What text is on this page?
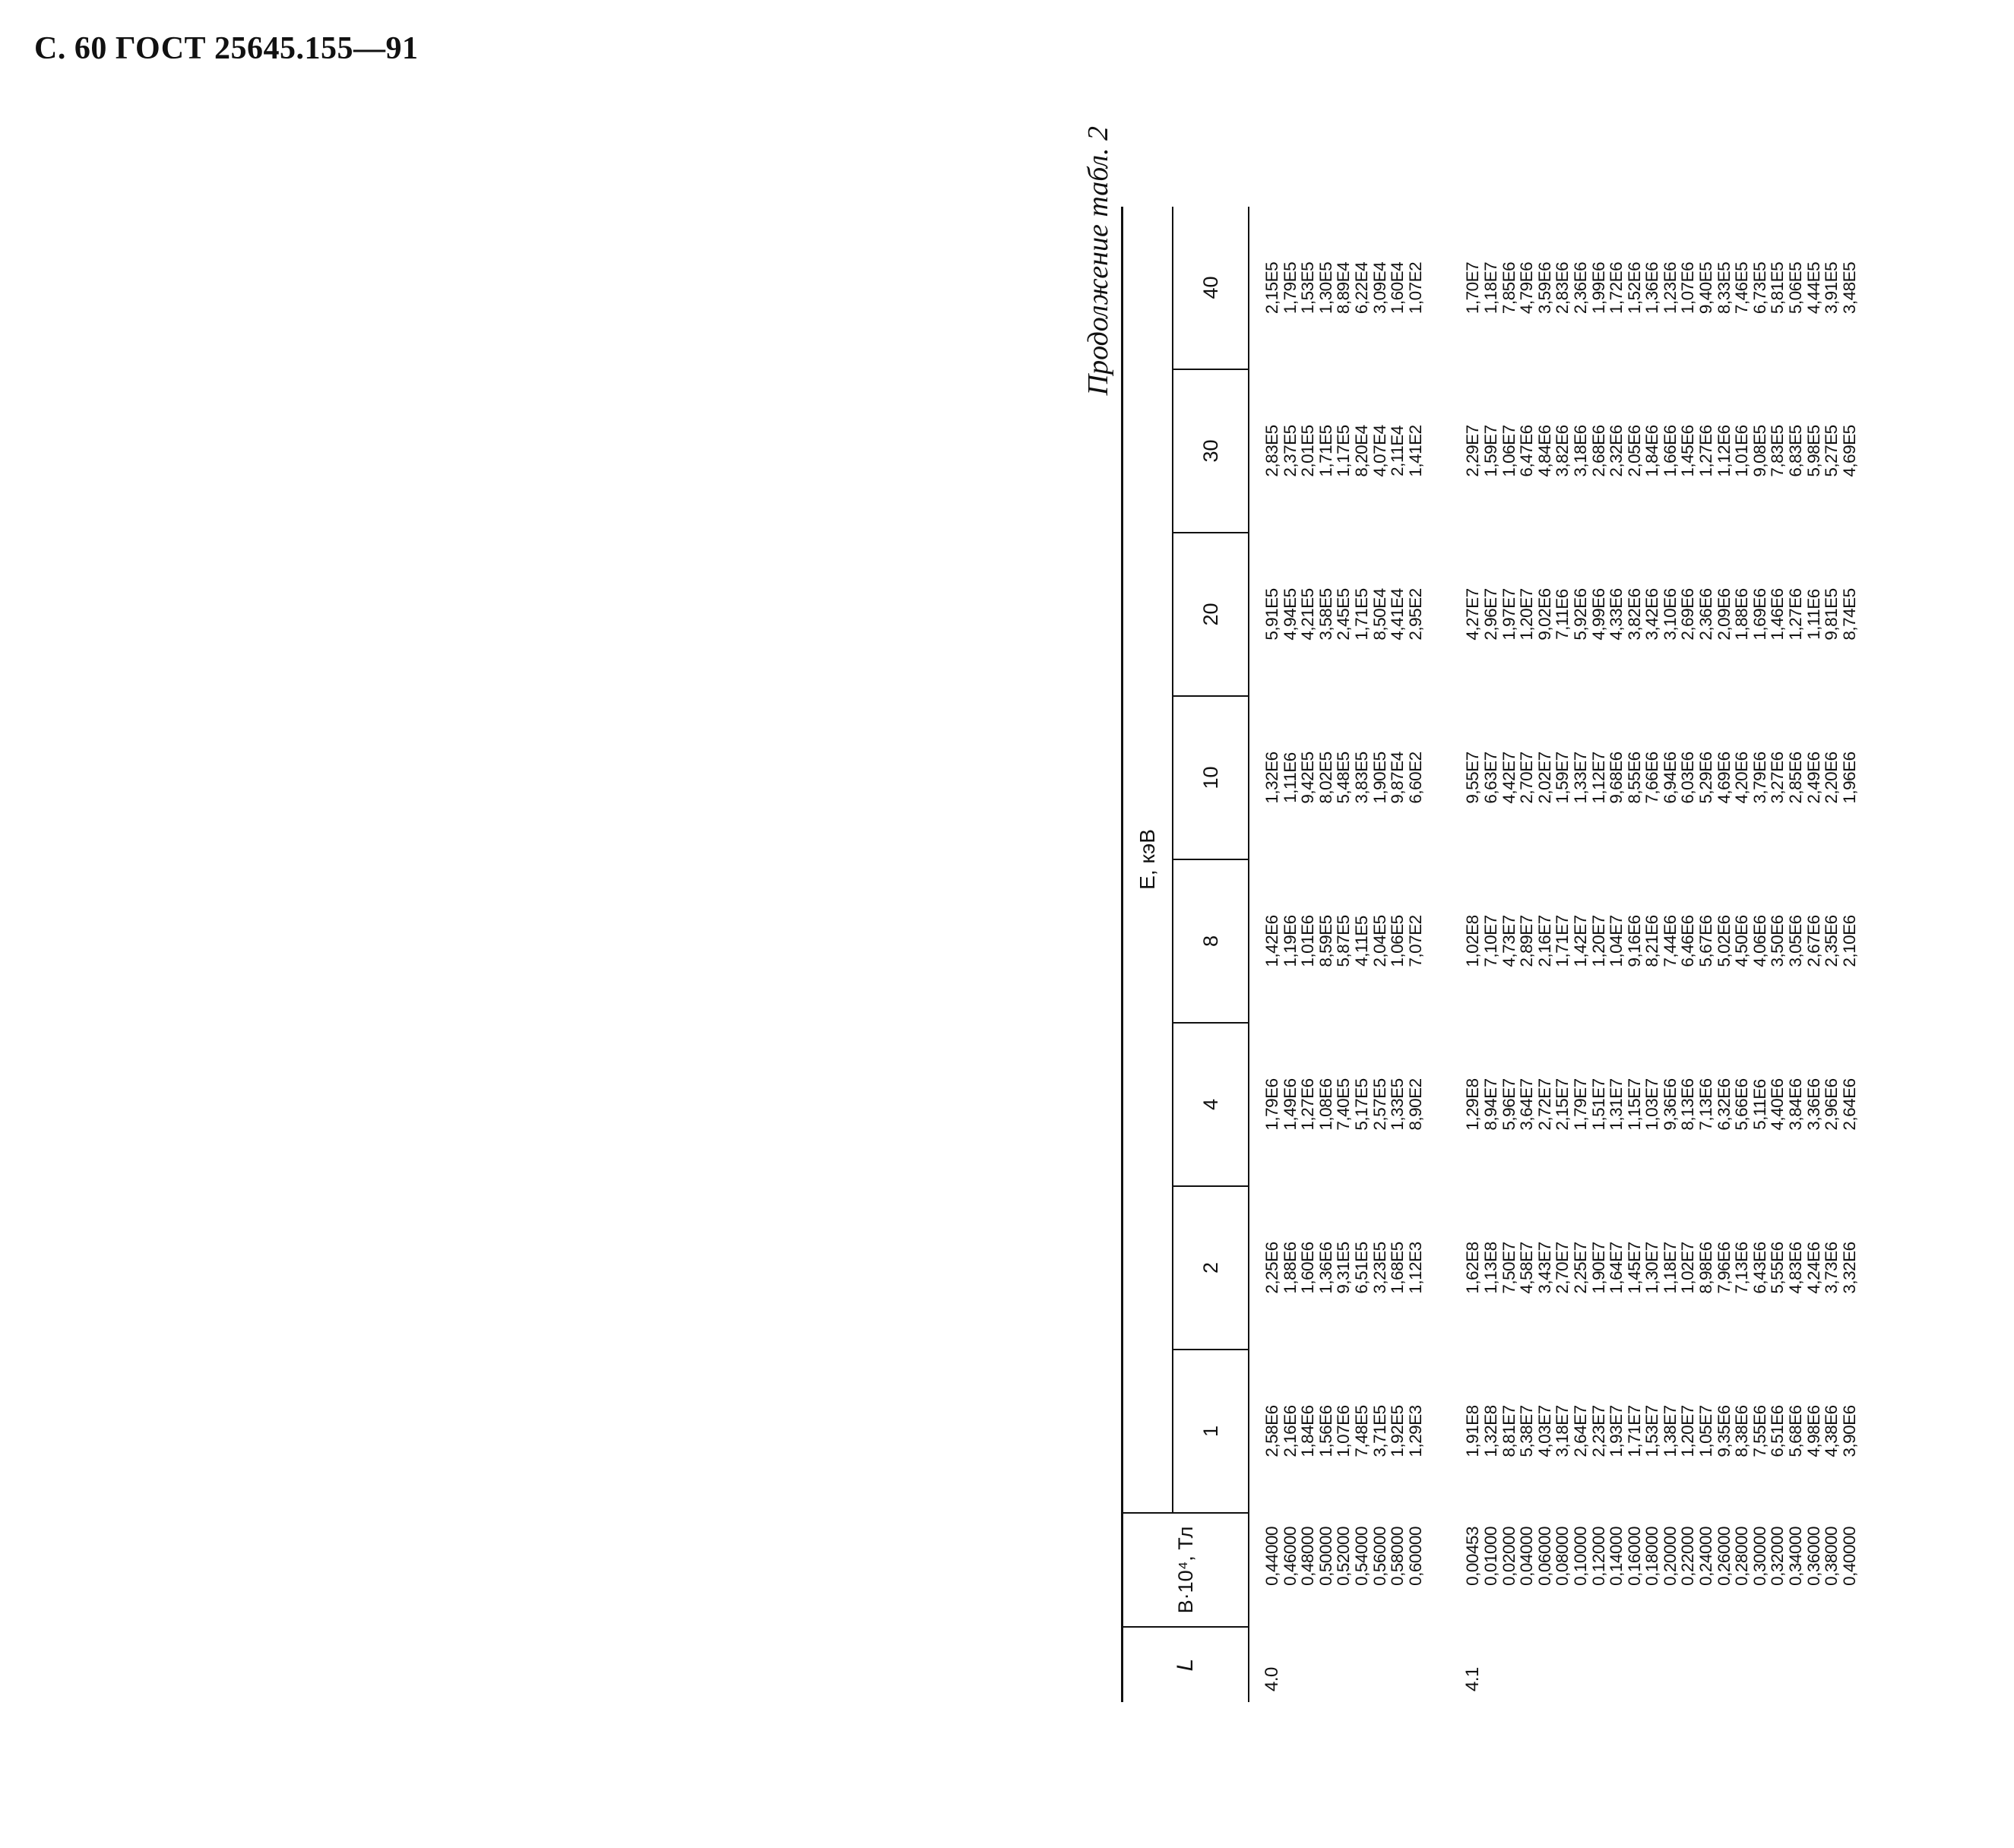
С. 60 ГОСТ 25645.155—91
Продолжение табл. 2
L	B·10⁴, Тл	E, кэВ							
		1	2	4	8	10	20	30	40
4.0	0,44000	2,58E6	2,25E6	1,79E6	1,42E6	1,32E6	5,91E5	2,83E5	2,15E5
	0,46000	2,16E6	1,88E6	1,49E6	1,19E6	1,11E6	4,94E5	2,37E5	1,79E5
	0,48000	1,84E6	1,60E6	1,27E6	1,01E6	9,42E5	4,21E5	2,01E5	1,53E5
	0,50000	1,56E6	1,36E6	1,08E6	8,59E5	8,02E5	3,58E5	1,71E5	1,30E5
	0,52000	1,07E6	9,31E5	7,40E5	5,87E5	5,48E5	2,45E5	1,17E5	8,89E4
	0,54000	7,48E5	6,51E5	5,17E5	4,11E5	3,83E5	1,71E5	8,20E4	6,22E4
	0,56000	3,71E5	3,23E5	2,57E5	2,04E5	1,90E5	8,50E4	4,07E4	3,09E4
	0,58000	1,92E5	1,68E5	1,33E5	1,06E5	9,87E4	4,41E4	2,11E4	1,60E4
	0,60000	1,29E3	1,12E3	8,90E2	7,07E2	6,60E2	2,95E2	1,41E2	1,07E2

4.1	0,00453	1,91E8	1,62E8	1,29E8	1,02E8	9,55E7	4,27E7	2,29E7	1,70E7
	0,01000	1,32E8	1,13E8	8,94E7	7,10E7	6,63E7	2,96E7	1,59E7	1,18E7
	0,02000	8,81E7	7,50E7	5,96E7	4,73E7	4,42E7	1,97E7	1,06E7	7,85E6
	0,04000	5,38E7	4,58E7	3,64E7	2,89E7	2,70E7	1,20E7	6,47E6	4,79E6
	0,06000	4,03E7	3,43E7	2,72E7	2,16E7	2,02E7	9,02E6	4,84E6	3,59E6
	0,08000	3,18E7	2,70E7	2,15E7	1,71E7	1,59E7	7,11E6	3,82E6	2,83E6
	0,10000	2,64E7	2,25E7	1,79E7	1,42E7	1,33E7	5,92E6	3,18E6	2,36E6
	0,12000	2,23E7	1,90E7	1,51E7	1,20E7	1,12E7	4,99E6	2,68E6	1,99E6
	0,14000	1,93E7	1,64E7	1,31E7	1,04E7	9,68E6	4,33E6	2,32E6	1,72E6
	0,16000	1,71E7	1,45E7	1,15E7	9,16E6	8,55E6	3,82E6	2,05E6	1,52E6
	0,18000	1,53E7	1,30E7	1,03E7	8,21E6	7,66E6	3,42E6	1,84E6	1,36E6
	0,20000	1,38E7	1,18E7	9,36E6	7,44E6	6,94E6	3,10E6	1,66E6	1,23E6
	0,22000	1,20E7	1,02E7	8,13E6	6,46E6	6,03E6	2,69E6	1,45E6	1,07E6
	0,24000	1,05E7	8,98E6	7,13E6	5,67E6	5,29E6	2,36E6	1,27E6	9,40E5
	0,26000	9,35E6	7,96E6	6,32E6	5,02E6	4,69E6	2,09E6	1,12E6	8,33E5
	0,28000	8,38E6	7,13E6	5,66E6	4,50E6	4,20E6	1,88E6	1,01E6	7,46E5
	0,30000	7,55E6	6,43E6	5,11E6	4,06E6	3,79E6	1,69E6	9,08E5	6,73E5
	0,32000	6,51E6	5,55E6	4,40E6	3,50E6	3,27E6	1,46E6	7,83E5	5,81E5
	0,34000	5,68E6	4,83E6	3,84E6	3,05E6	2,85E6	1,27E6	6,83E5	5,06E5
	0,36000	4,98E6	4,24E6	3,36E6	2,67E6	2,49E6	1,11E6	5,98E5	4,44E5
	0,38000	4,38E6	3,73E6	2,96E6	2,35E6	2,20E6	9,81E5	5,27E5	3,91E5
	0,40000	3,90E6	3,32E6	2,64E6	2,10E6	1,96E6	8,74E5	4,69E5	3,48E5
